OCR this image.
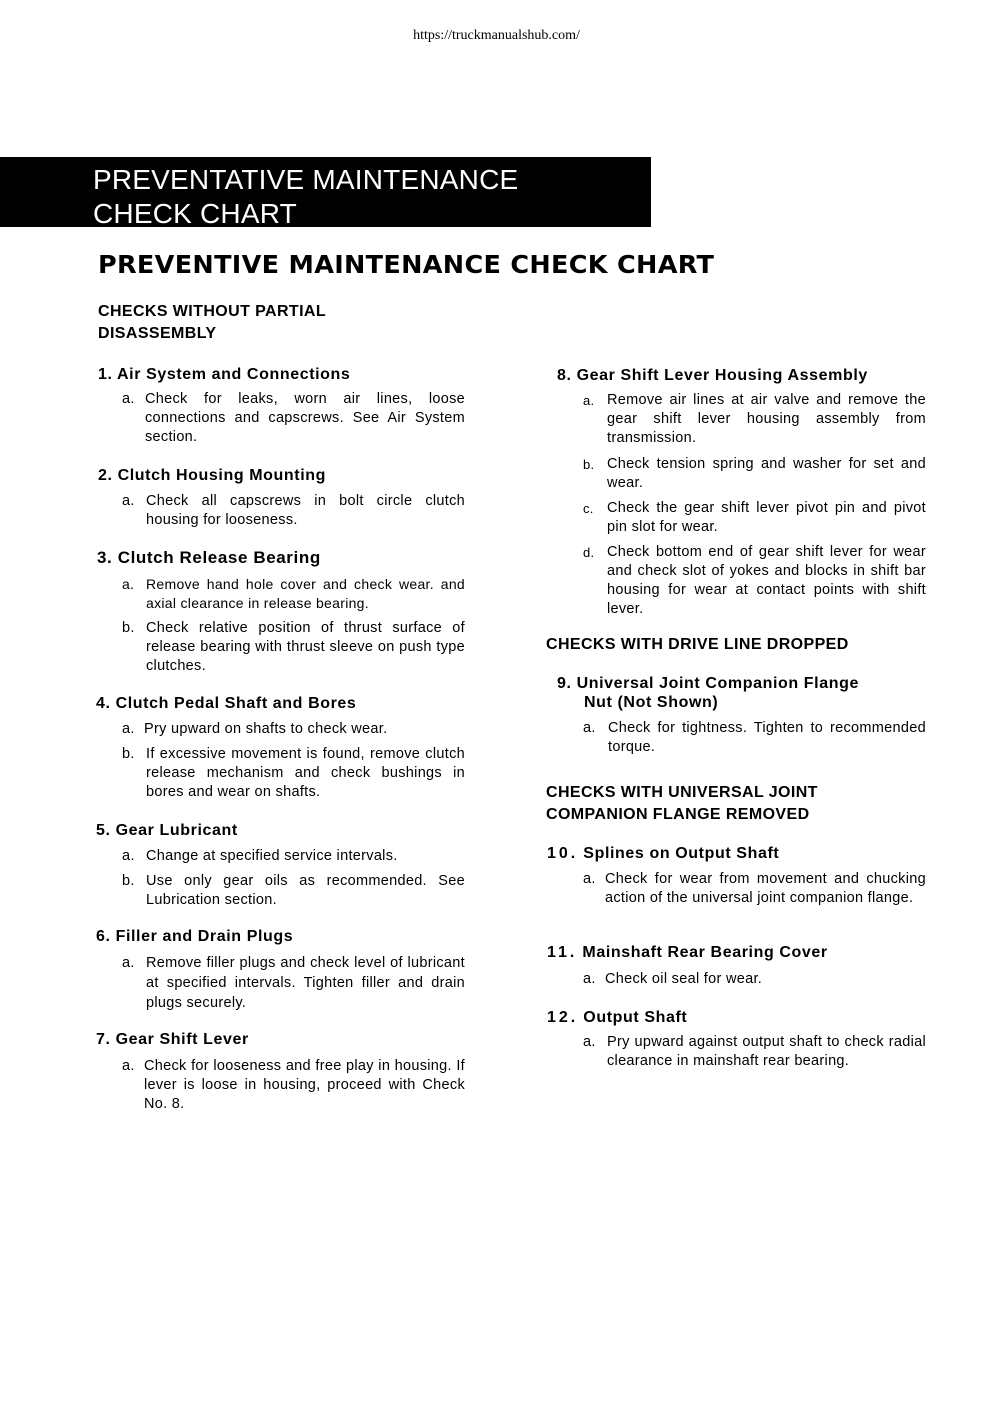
https://truckmanualshub.com/
PREVENTATIVE MAINTENANCE
CHECK CHART
PREVENTIVE MAINTENANCE CHECK CHART
CHECKS WITHOUT PARTIAL
DISASSEMBLY
1. Air System and Connections
a. Check for leaks, worn air lines, loose connections and capscrews. See Air System section.
2. Clutch Housing Mounting
a. Check all capscrews in bolt circle clutch housing for looseness.
3. Clutch Release Bearing
a. Remove hand hole cover and check wear. and axial clearance in release bearing.
b. Check relative position of thrust surface of release bearing with thrust sleeve on push type clutches.
4. Clutch Pedal Shaft and Bores
a. Pry upward on shafts to check wear.
b. If excessive movement is found, remove clutch release mechanism and check bushings in bores and wear on shafts.
5. Gear Lubricant
a. Change at specified service intervals.
b. Use only gear oils as recommended. See Lubrication section.
6. Filler and Drain Plugs
a. Remove filler plugs and check level of lubricant at specified intervals. Tighten filler and drain plugs securely.
7. Gear Shift Lever
a. Check for looseness and free play in housing. If lever is loose in housing, proceed with Check No. 8.
8. Gear Shift Lever Housing Assembly
a. Remove air lines at air valve and remove the gear shift lever housing assembly from transmission.
b. Check tension spring and washer for set and wear.
c. Check the gear shift lever pivot pin and pivot pin slot for wear.
d. Check bottom end of gear shift lever for wear and check slot of yokes and blocks in shift bar housing for wear at contact points with shift lever.
CHECKS WITH DRIVE LINE DROPPED
9. Universal Joint Companion Flange
Nut (Not Shown)
a. Check for tightness. Tighten to recommended torque.
CHECKS WITH UNIVERSAL JOINT
COMPANION FLANGE REMOVED
10. Splines on Output Shaft
a. Check for wear from movement and chucking action of the universal joint companion flange.
11. Mainshaft Rear Bearing Cover
a. Check oil seal for wear.
12. Output Shaft
a. Pry upward against output shaft to check radial clearance in mainshaft rear bearing.
